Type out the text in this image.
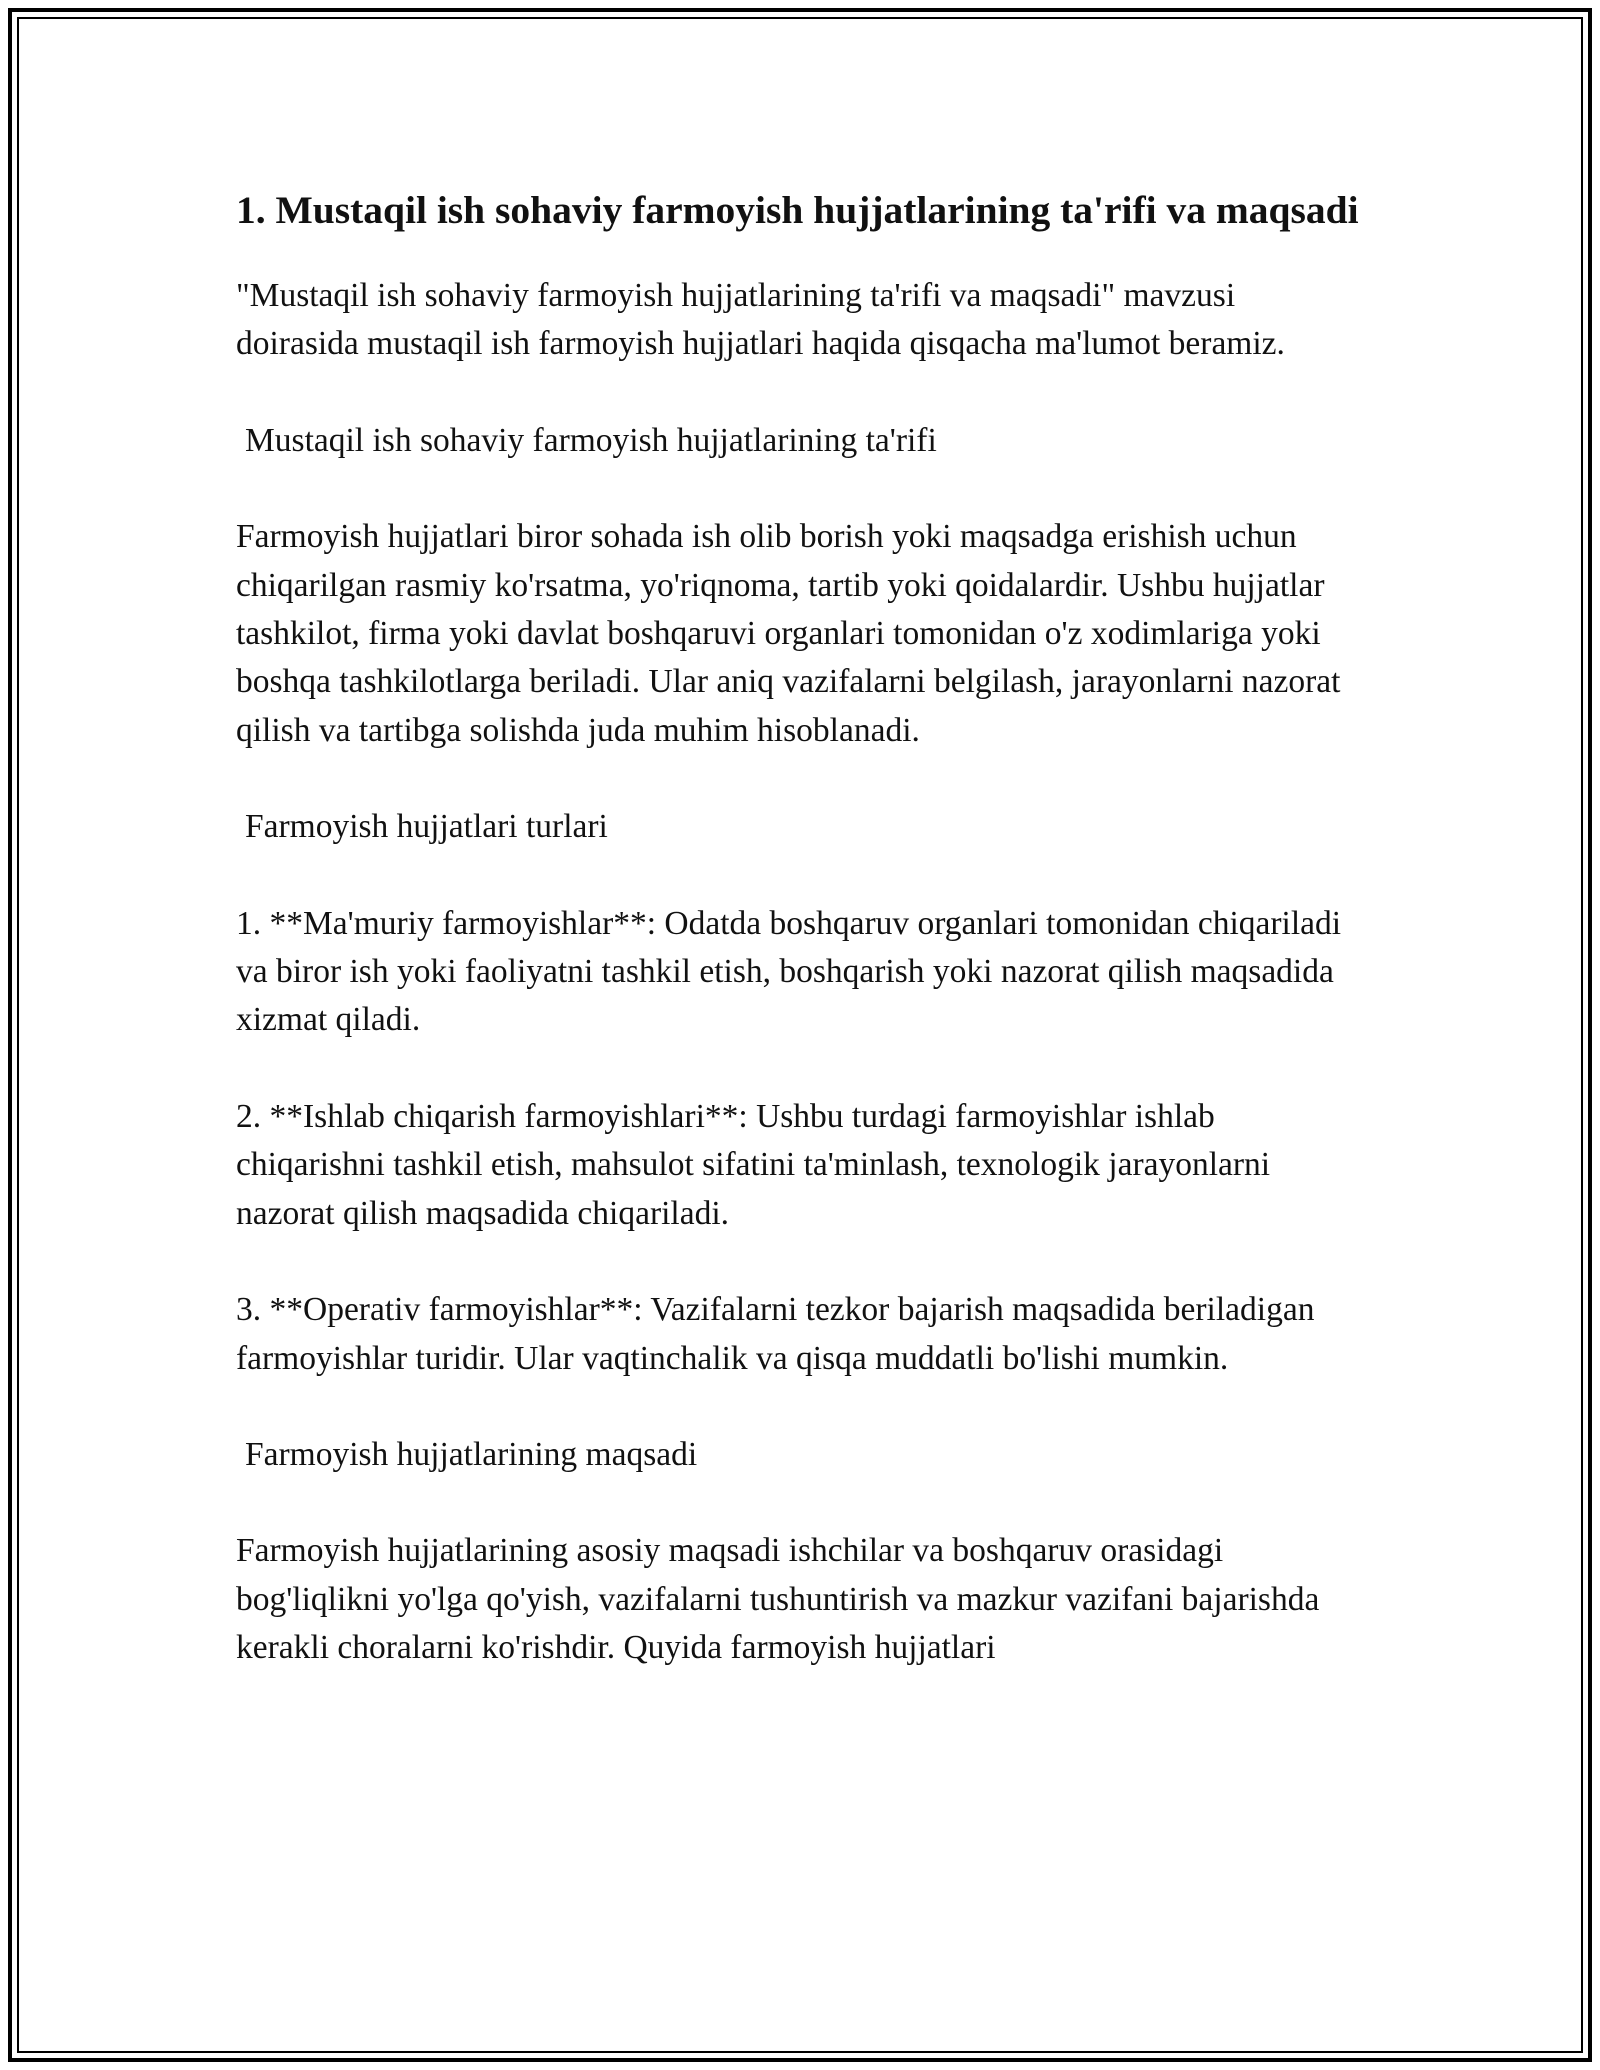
1. Mustaqil ish sohaviy farmoyish hujjatlarining ta'rifi va maqsadi

"Mustaqil ish sohaviy farmoyish hujjatlarining ta'rifi va maqsadi" mavzusi doirasida mustaqil ish farmoyish hujjatlari haqida qisqacha ma'lumot beramiz.

Mustaqil ish sohaviy farmoyish hujjatlarining ta'rifi

Farmoyish hujjatlari biror sohada ish olib borish yoki maqsadga erishish uchun chiqarilgan rasmiy ko'rsatma, yo'riqnoma, tartib yoki qoidalardir. Ushbu hujjatlar tashkilot, firma yoki davlat boshqaruvi organlari tomonidan o'z xodimlariga yoki boshqa tashkilotlarga beriladi. Ular aniq vazifalarni belgilash, jarayonlarni nazorat qilish va tartibga solishda juda muhim hisoblanadi.

Farmoyish hujjatlari turlari

1. **Ma'muriy farmoyishlar**: Odatda boshqaruv organlari tomonidan chiqariladi va biror ish yoki faoliyatni tashkil etish, boshqarish yoki nazorat qilish maqsadida xizmat qiladi.

2. **Ishlab chiqarish farmoyishlari**: Ushbu turdagi farmoyishlar ishlab chiqarishni tashkil etish, mahsulot sifatini ta'minlash, texnologik jarayonlarni nazorat qilish maqsadida chiqariladi.

3. **Operativ farmoyishlar**: Vazifalarni tezkor bajarish maqsadida beriladigan farmoyishlar turidir. Ular vaqtinchalik va qisqa muddatli bo'lishi mumkin.

Farmoyish hujjatlarining maqsadi

Farmoyish hujjatlarining asosiy maqsadi ishchilar va boshqaruv orasidagi bog'liqlikni yo'lga qo'yish, vazifalarni tushuntirish va mazkur vazifani bajarishda kerakli choralarni ko'rishdir. Quyida farmoyish hujjatlari
